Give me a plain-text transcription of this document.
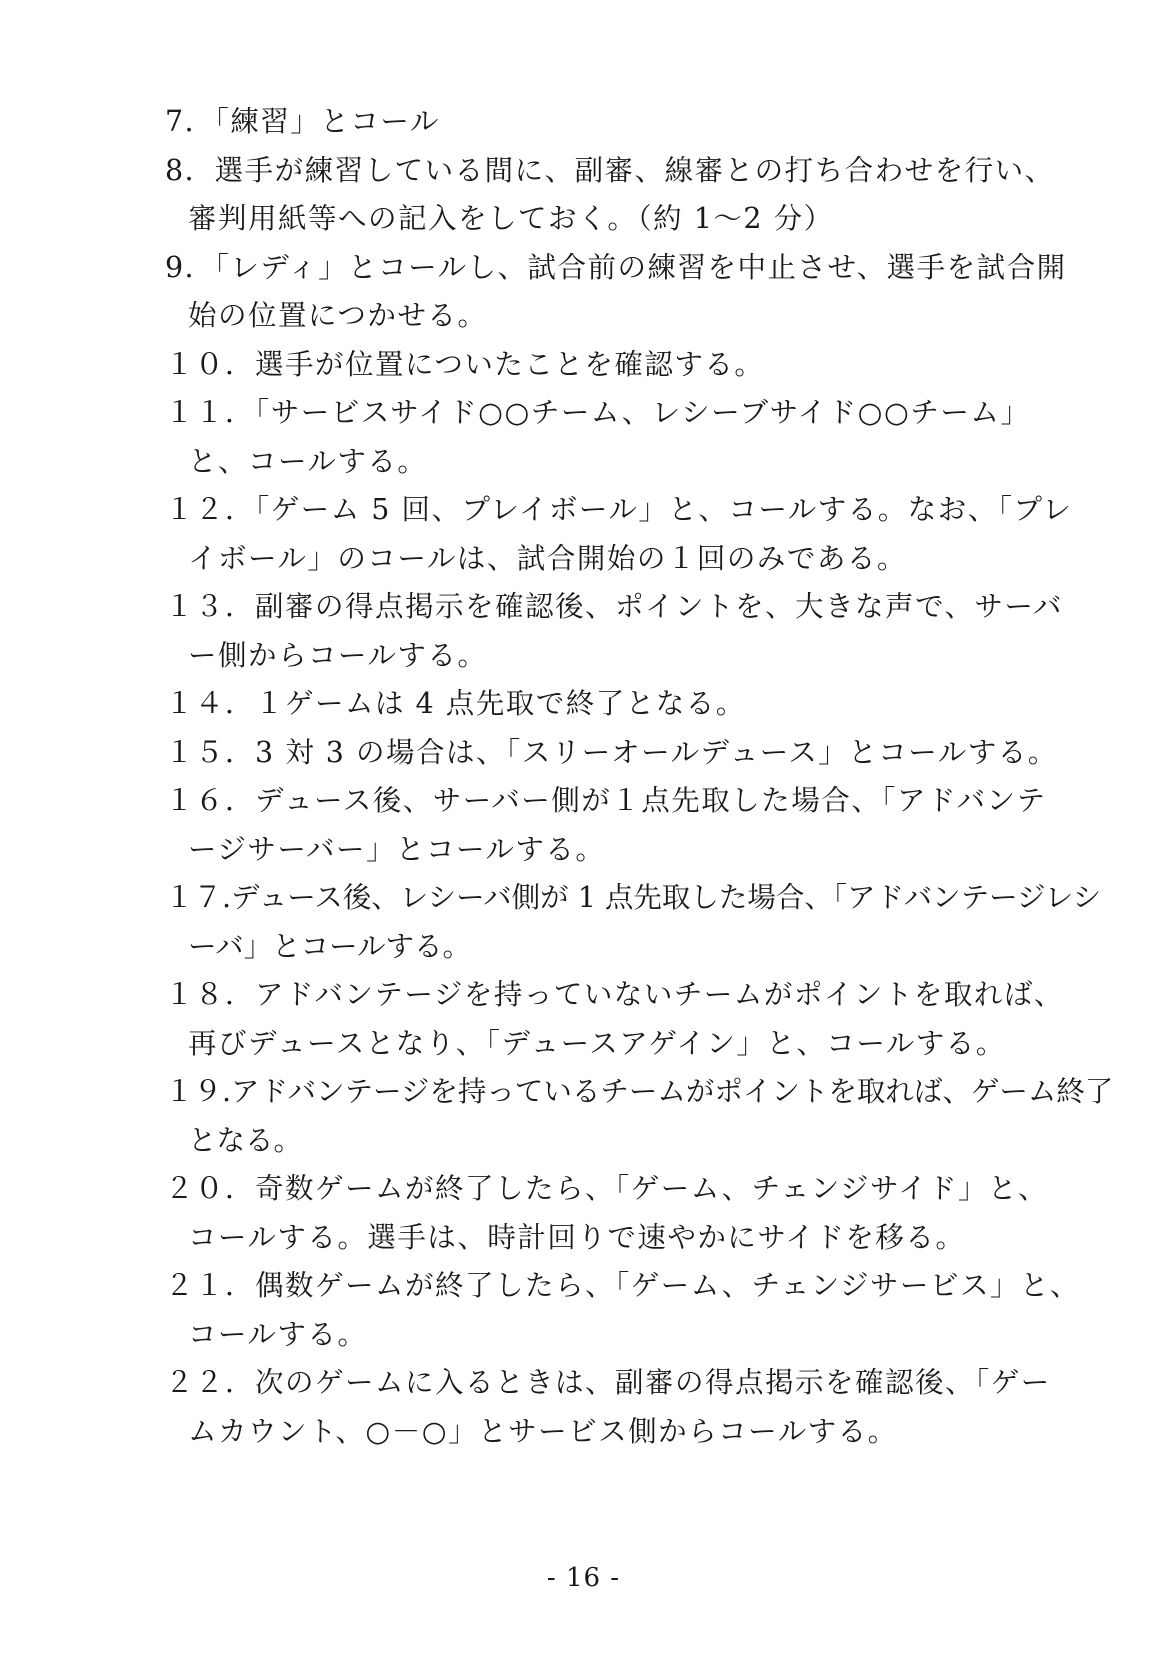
7．「練習」とコール
8．選手が練習している間に、副審、線審との打ち合わせを行い、
審判用紙等への記入をしておく。（約 1～2 分）
9．「レディ」とコールし、試合前の練習を中止させ、選手を試合開
始の位置につかせる。
１０．選手が位置についたことを確認する。
１１．「サービスサイド○○チーム、レシーブサイド○○チーム」
と、コールする。
１２．「ゲーム 5 回、プレイボール」と、コールする。なお、「プレ
イボール」のコールは、試合開始の１回のみである。
１３．副審の得点掲示を確認後、ポイントを、大きな声で、サーバ
ー側からコールする。
１４．１ゲームは 4 点先取で終了となる。
１５．3 対 3 の場合は、「スリーオールデュース」とコールする。
１６．デュース後、サーバー側が１点先取した場合、「アドバンテ
ージサーバー」とコールする。
１７.デュース後、レシーバ側が 1 点先取した場合、「アドバンテージレシ
ーバ」とコールする。
１８．アドバンテージを持っていないチームがポイントを取れば、
再びデュースとなり、「デュースアゲイン」と、コールする。
１９.アドバンテージを持っているチームがポイントを取れば、ゲーム終了
となる。
２０．奇数ゲームが終了したら、「ゲーム、チェンジサイド」と、
コールする。選手は、時計回りで速やかにサイドを移る。
２１．偶数ゲームが終了したら、「ゲーム、チェンジサービス」と、
コールする。
２２．次のゲームに入るときは、副審の得点掲示を確認後、「ゲー
ムカウント、○－○」とサービス側からコールする。
- 16 -
